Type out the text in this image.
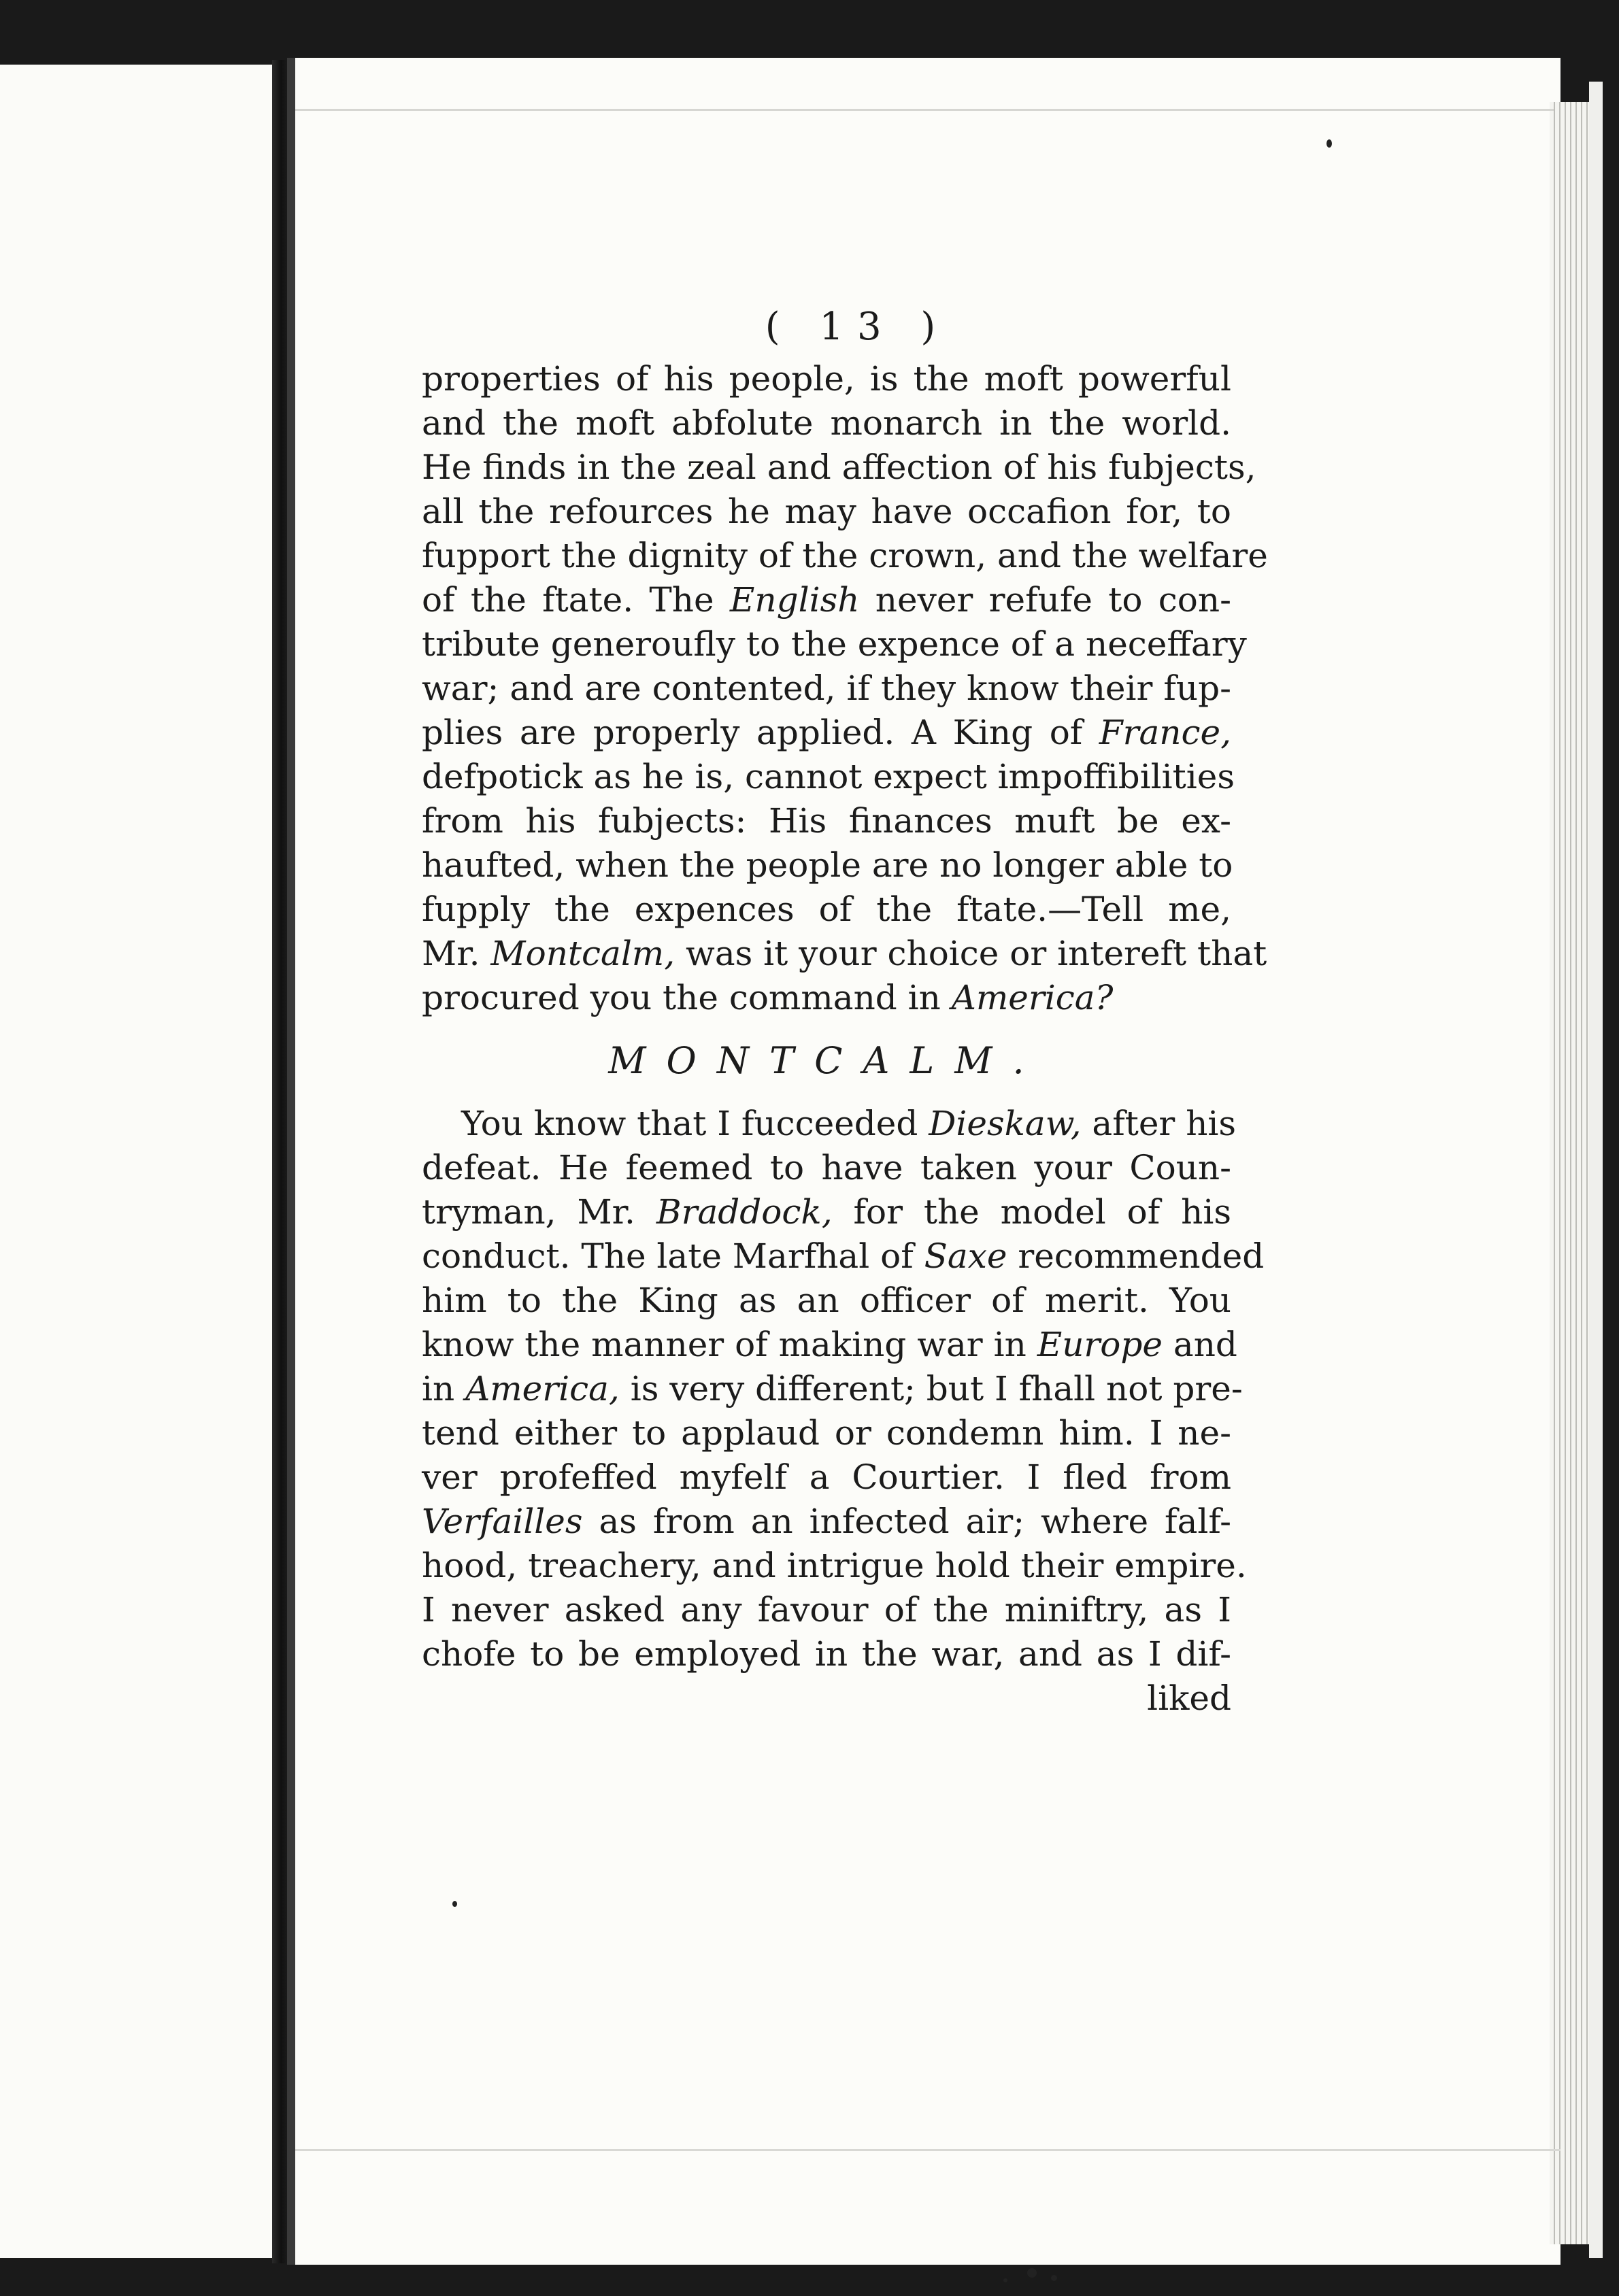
( 13 )
properties of his people, is the moft powerful
and the moft abfolute monarch in the world.
He finds in the zeal and affection of his fubjects,
all the refources he may have occafion for, to
fupport the dignity of the crown, and the welfare
of the ftate. The English never refufe to con-
tribute generoufly to the expence of a neceffary
war; and are contented, if they know their fup-
plies are properly applied. A King of France,
defpotick as he is, cannot expect impoffibilities
from his fubjects: His finances muft be ex-
haufted, when the people are no longer able to
fupply the expences of the ftate.—Tell me,
Mr. Montcalm, was it your choice or intereft that
procured you the command in America?
MONTCALM.
You know that I fucceeded Dieskaw, after his
defeat. He feemed to have taken your Coun-
tryman, Mr. Braddock, for the model of his
conduct. The late Marfhal of Saxe recommended
him to the King as an officer of merit. You
know the manner of making war in Europe and
in America, is very different; but I fhall not pre-
tend either to applaud or condemn him. I ne-
ver profeffed myfelf a Courtier. I fled from
Verfailles as from an infected air; where falf-
hood, treachery, and intrigue hold their empire.
I never asked any favour of the miniftry, as I
chofe to be employed in the war, and as I dif-
liked
